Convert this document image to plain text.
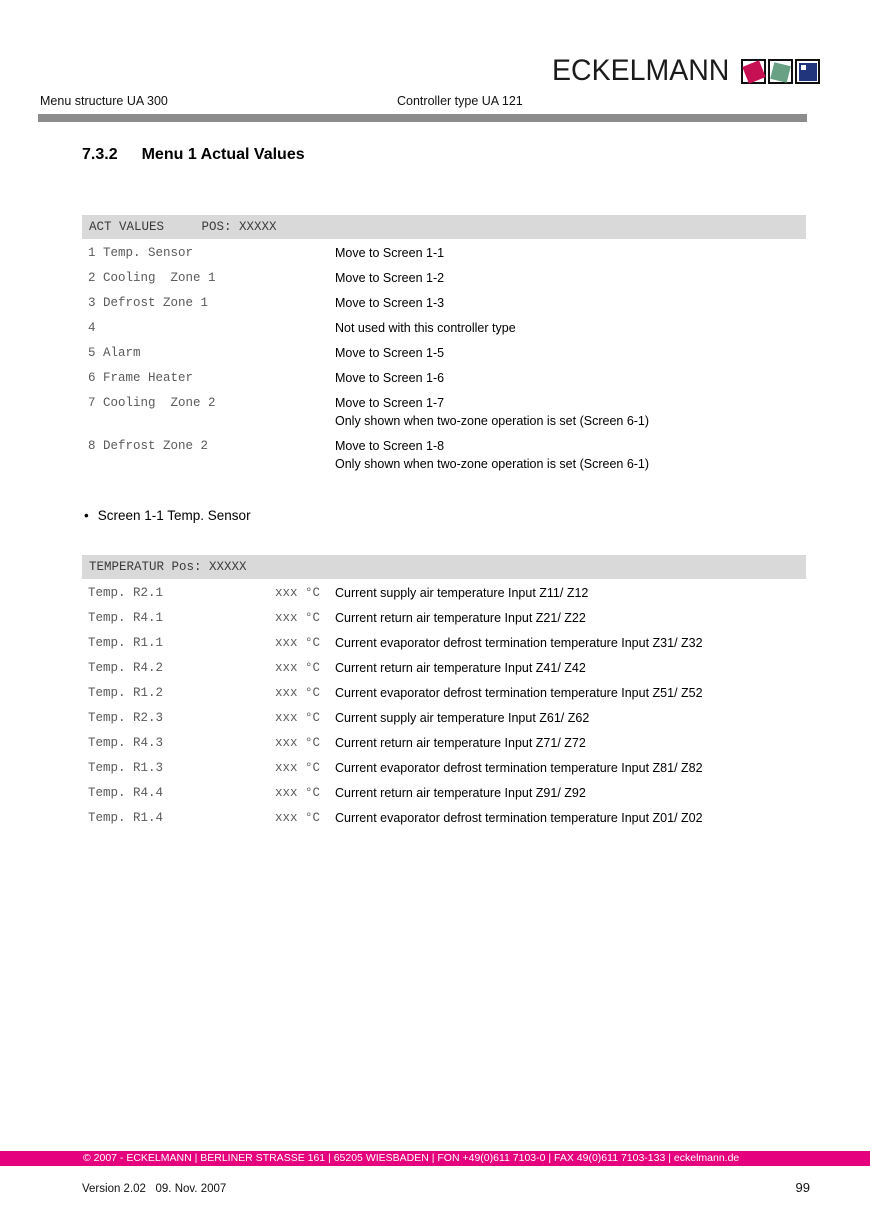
ECKELMANN
Menu structure UA 300	Controller type UA 121
7.3.2 Menu 1 Actual Values
ACT VALUES     POS: XXXXX
1 Temp. Sensor	Move to Screen 1-1
2 Cooling  Zone 1	Move to Screen 1-2
3 Defrost Zone 1	Move to Screen 1-3
4	Not used with this controller type
5 Alarm	Move to Screen 1-5
6 Frame Heater	Move to Screen 1-6
7 Cooling  Zone 2	Move to Screen 1-7
Only shown when two-zone operation is set (Screen 6-1)
8 Defrost Zone 2	Move to Screen 1-8
Only shown when two-zone operation is set (Screen 6-1)
• Screen 1-1 Temp. Sensor
TEMPERATUR Pos: XXXXX
Temp. R2.1	xxx °C	Current supply air temperature Input Z11/ Z12
Temp. R4.1	xxx °C	Current return air temperature Input Z21/ Z22
Temp. R1.1	xxx °C	Current evaporator defrost termination temperature Input Z31/ Z32
Temp. R4.2	xxx °C	Current return air temperature Input Z41/ Z42
Temp. R1.2	xxx °C	Current evaporator defrost termination temperature Input Z51/ Z52
Temp. R2.3	xxx °C	Current supply air temperature Input Z61/ Z62
Temp. R4.3	xxx °C	Current return air temperature Input Z71/ Z72
Temp. R1.3	xxx °C	Current evaporator defrost termination temperature Input Z81/ Z82
Temp. R4.4	xxx °C	Current return air temperature Input Z91/ Z92
Temp. R1.4	xxx °C	Current evaporator defrost termination temperature Input Z01/ Z02
© 2007 - ECKELMANN | BERLINER STRASSE 161 | 65205 WIESBADEN | FON +49(0)611 7103-0 | FAX 49(0)611 7103-133 | eckelmann.de
Version 2.02   09. Nov. 2007	99
